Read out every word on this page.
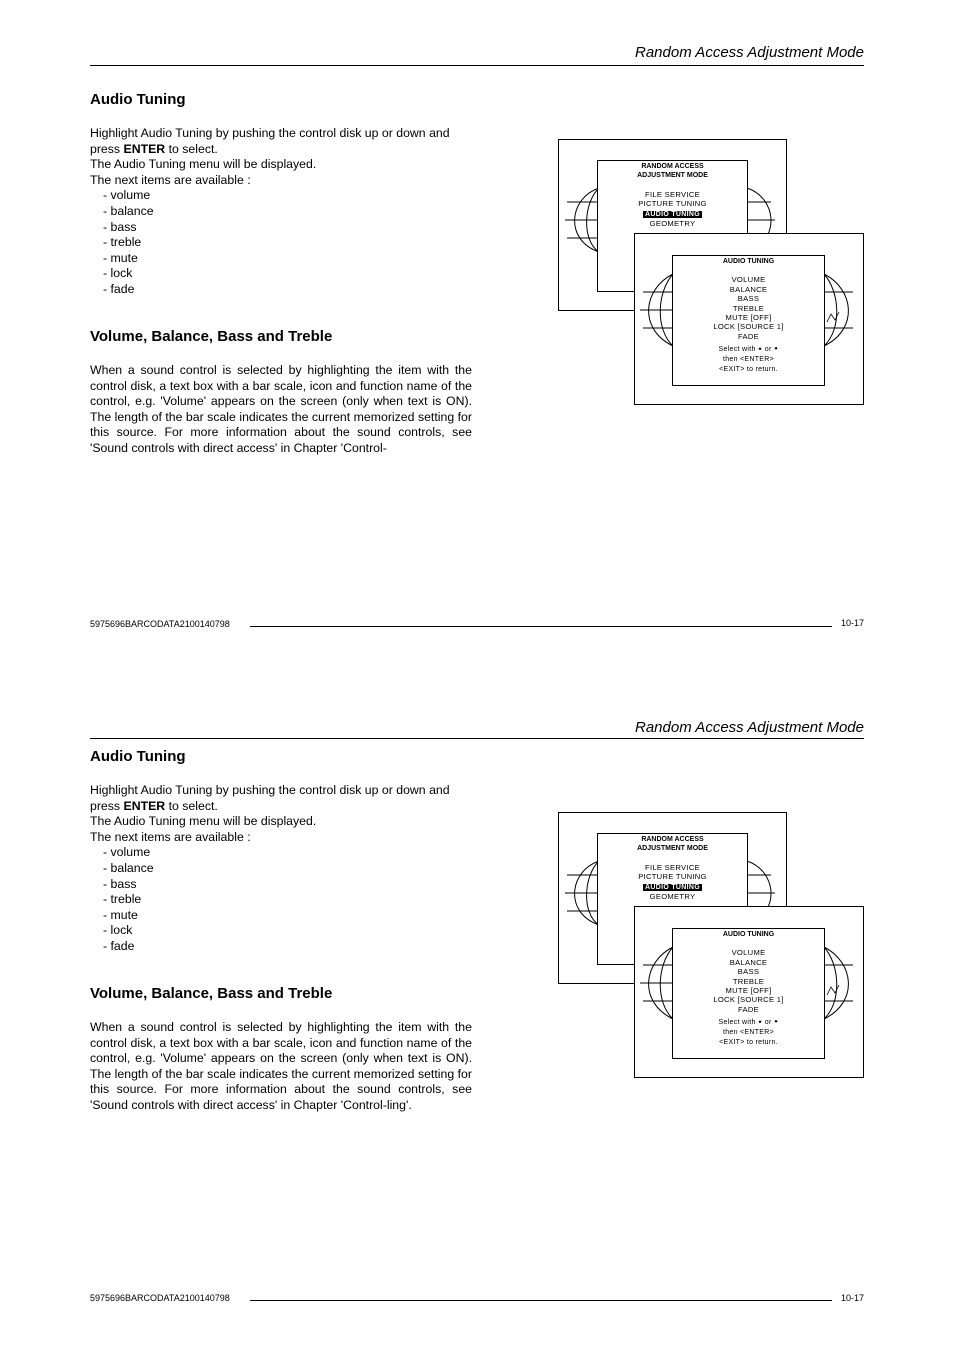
Random Access Adjustment Mode
Audio Tuning

Highlight Audio Tuning by pushing the control disk up or down and

press ENTER to select.

The Audio Tuning menu will be displayed.

The next items are available :

- volume
- balance
- bass
- treble
- mute
- lock
- fade
Volume, Balance, Bass and Treble
When a sound control is selected by highlighting the item with the control disk, a text box with a bar scale, icon and function name of the control, e.g. 'Volume' appears on the screen (only when text is ON). The length of the bar scale indicates the current memorized setting for this source. For more information about the sound controls, see 'Sound controls with direct access' in Chapter 'Control-
RANDOM ACCESS
ADJUSTMENT MODE
FILE SERVICE
PICTURE TUNING
AUDIO TUNING
GEOMETRY
AUDIO TUNING
VOLUME
BALANCE
BASS
TREBLE
MUTE [OFF]
LOCK [SOURCE 1]
FADE
Select with 🠹 or 🠻
then <ENTER>
<EXIT> to return.
5975696BARCODATA2100140798	10-17
Random Access Adjustment Mode
Audio Tuning

Highlight Audio Tuning by pushing the control disk up or down and

press ENTER to select.

The Audio Tuning menu will be displayed.

The next items are available :

- volume
- balance
- bass
- treble
- mute
- lock
- fade
Volume, Balance, Bass and Treble
When a sound control is selected by highlighting the item with the control disk, a text box with a bar scale, icon and function name of the control, e.g. 'Volume' appears on the screen (only when text is ON). The length of the bar scale indicates the current memorized setting for this source. For more information about the sound controls, see 'Sound controls with direct access' in Chapter 'Control-ling'.
RANDOM ACCESS
ADJUSTMENT MODE
FILE SERVICE
PICTURE TUNING
AUDIO TUNING
GEOMETRY
AUDIO TUNING
VOLUME
BALANCE
BASS
TREBLE
MUTE [OFF]
LOCK [SOURCE 1]
FADE
Select with 🠹 or 🠻
then <ENTER>
<EXIT> to return.
5975696BARCODATA2100140798	10-17
